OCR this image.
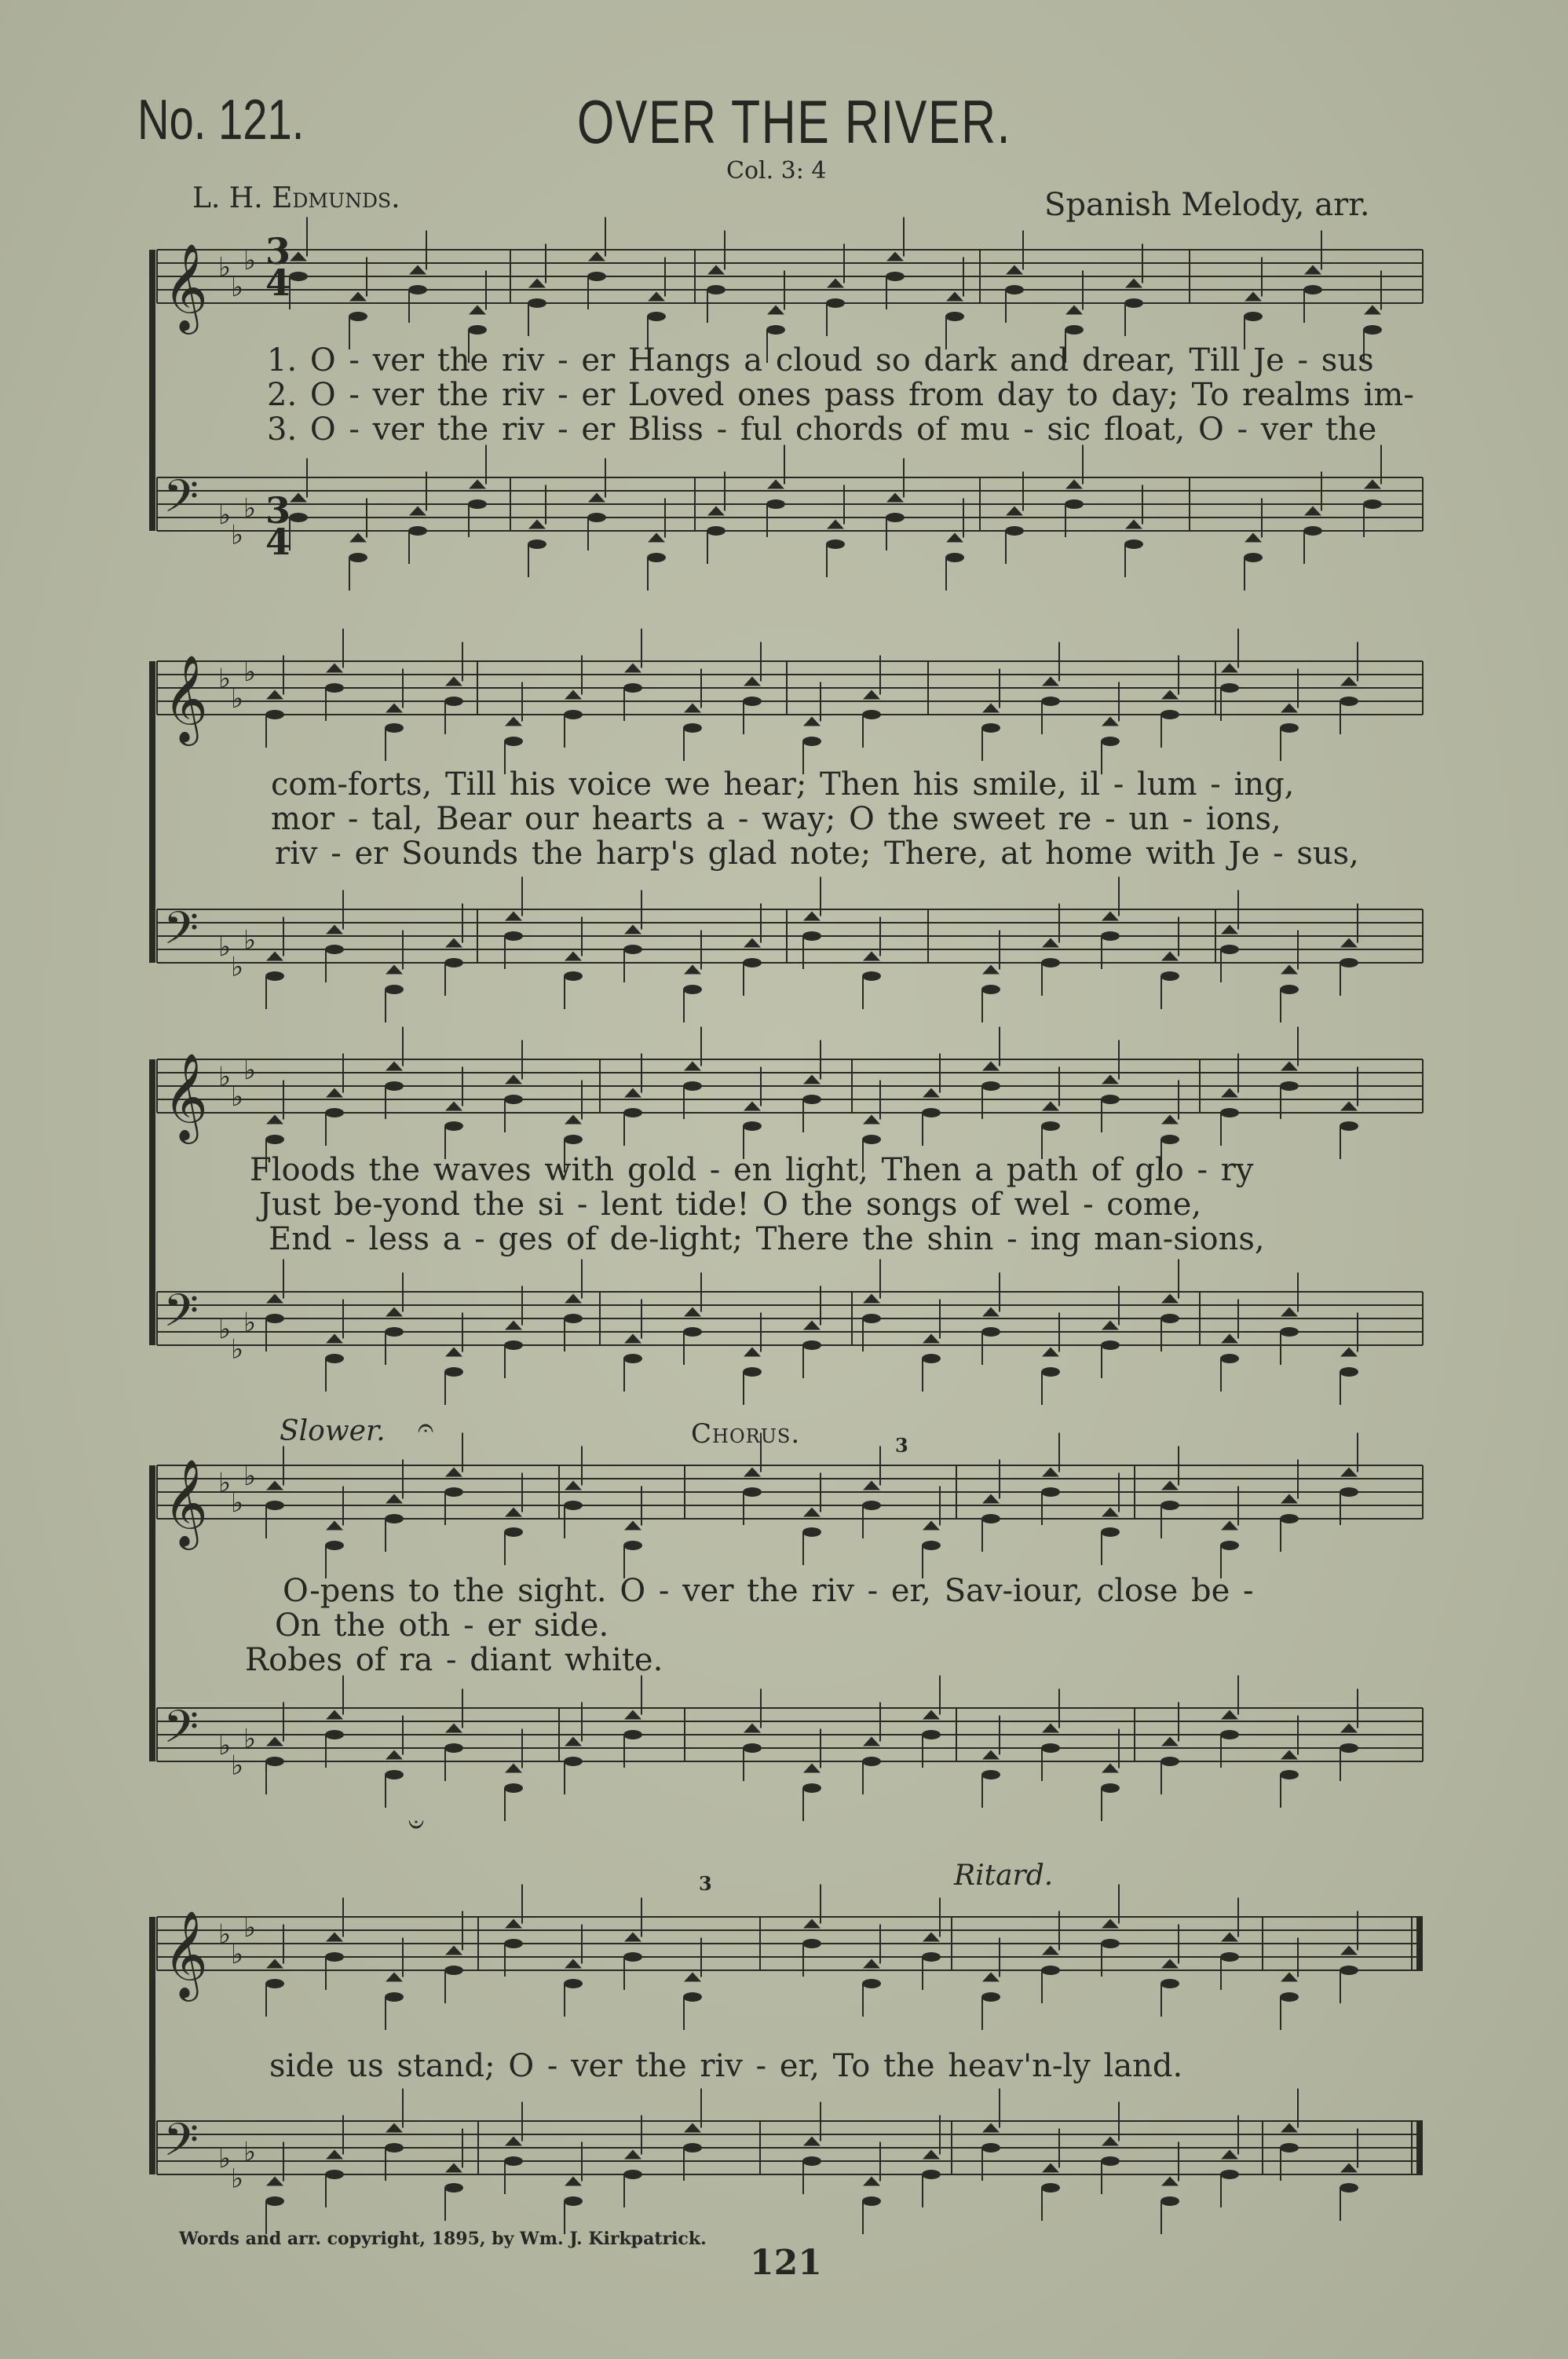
No. 121.	OVER THE RIVER.
Col. 3: 4
L. H. Edmunds.	Spanish Melody, arr.
𝄞 ♭
♭
♭
𝄢 ♭
♭
♭
𝄞 ♭
♭
♭
𝄢 ♭
♭
♭
𝄞 ♭
♭
♭
𝄢 ♭
♭
♭
𝄞 ♭
♭
♭
𝄢 ♭
♭
♭
𝄞 ♭
♭
♭
𝄢 ♭
♭
♭
𝄐
𝄑
1. O - ver the riv - er Hangs a cloud so dark and drear, Till Je - sus
2. O - ver the riv - er Loved ones pass from day to day; To realms im-
3. O - ver the riv - er Bliss - ful chords of mu - sic float, O - ver the
com-forts, Till his voice we hear; Then his smile, il - lum - ing,
mor - tal, Bear our hearts a - way; O the sweet re - un - ions,
riv - er Sounds the harp's glad note; There, at home with Je - sus,
Floods the waves with gold - en light, Then a path of glo - ry
Just be-yond the si - lent tide! O the songs of wel - come,
End - less a - ges of de-light; There the shin - ing man-sions,
O-pens to the sight. O - ver the riv - er, Sav-iour, close be -
On the oth - er side.
Robes of ra - diant white.
side us stand; O - ver the riv - er, To the heav'n-ly land.
Slower.	Chorus.
Ritard.
3
3
3
4
3
4
Words and arr. copyright, 1895, by Wm. J. Kirkpatrick.
121
